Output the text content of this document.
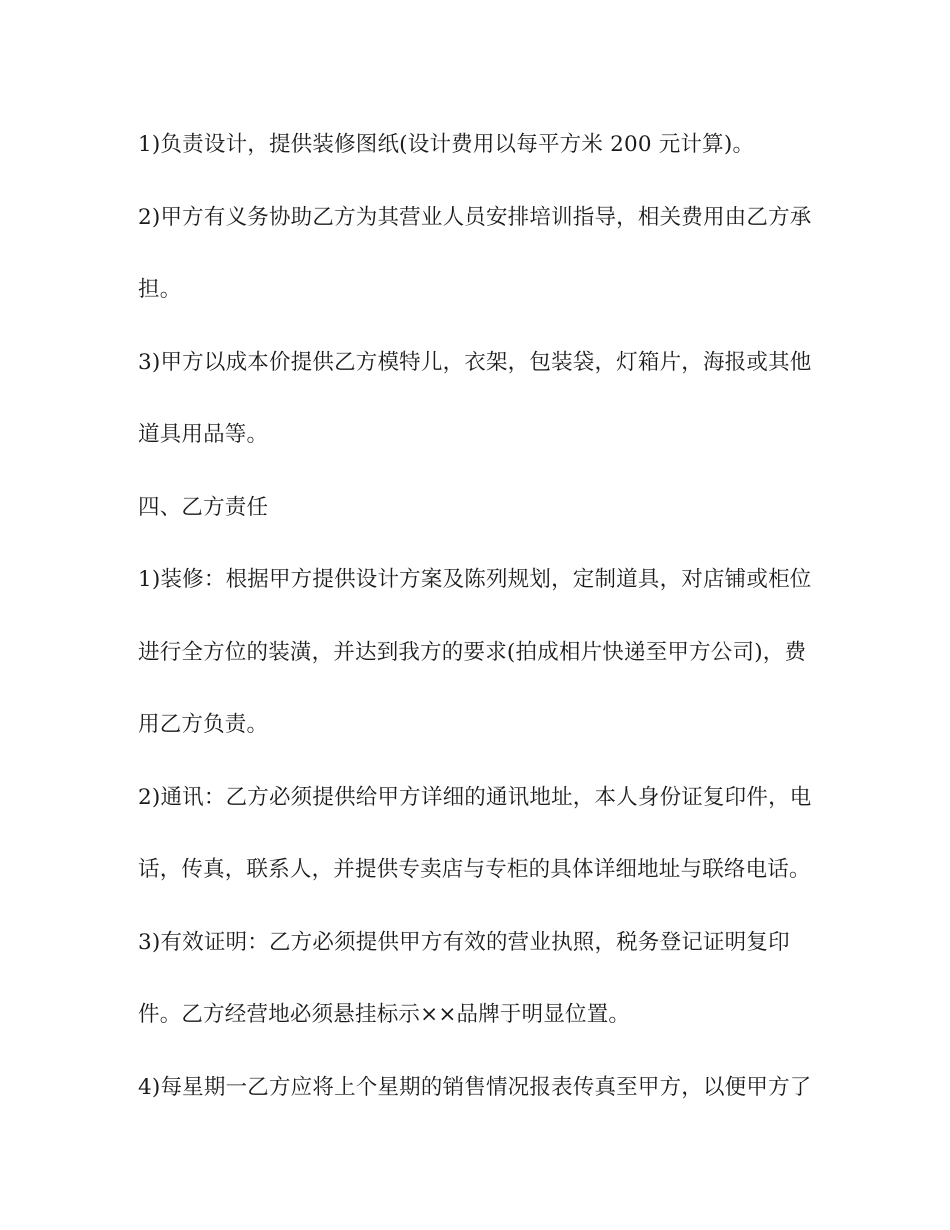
1)负责设计，提供装修图纸(设计费用以每平方米 200 元计算)。
2)甲方有义务协助乙方为其营业人员安排培训指导，相关费用由乙方承
担。
3)甲方以成本价提供乙方模特儿，衣架，包装袋，灯箱片，海报或其他
道具用品等。
四、乙方责任
1)装修：根据甲方提供设计方案及陈列规划，定制道具，对店铺或柜位
进行全方位的装潢，并达到我方的要求(拍成相片快递至甲方公司)，费
用乙方负责。
2)通讯：乙方必须提供给甲方详细的通讯地址，本人身份证复印件，电
话，传真，联系人，并提供专卖店与专柜的具体详细地址与联络电话。
3)有效证明：乙方必须提供甲方有效的营业执照，税务登记证明复印
件。乙方经营地必须悬挂标示××品牌于明显位置。
4)每星期一乙方应将上个星期的销售情况报表传真至甲方，以便甲方了
